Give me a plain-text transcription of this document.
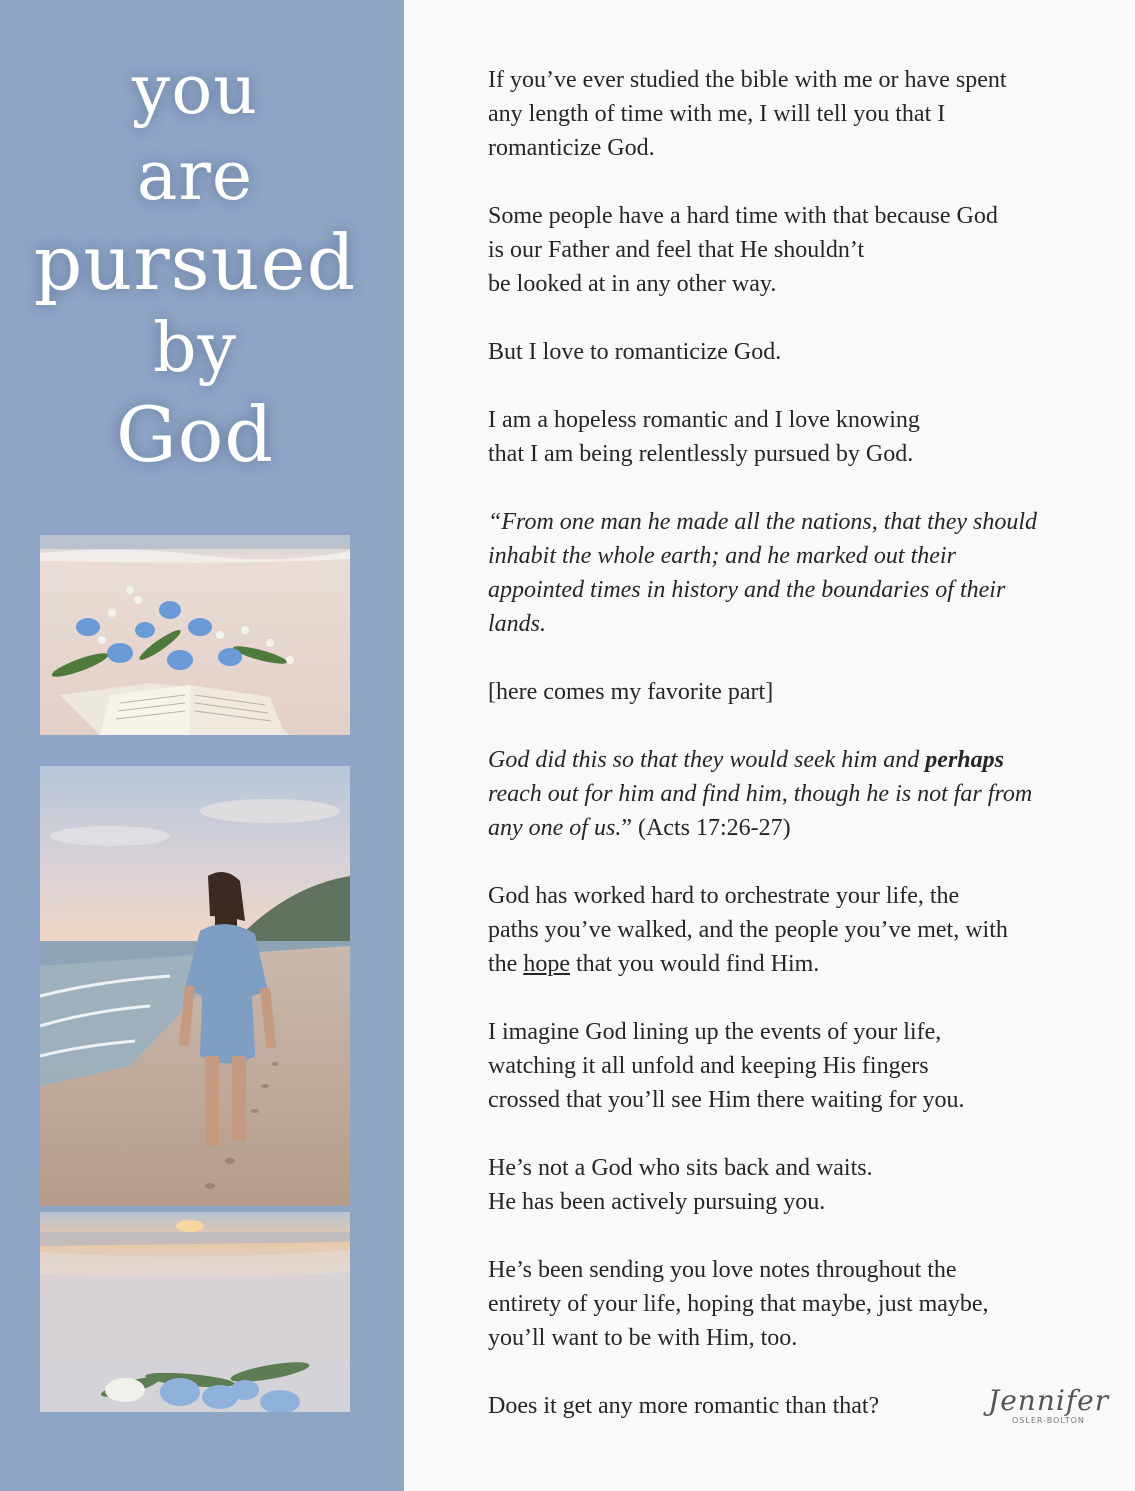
you
are
pursued
by
God

If you’ve ever studied the bible with me or have spent
any length of time with me, I will tell you that I
romanticize God.

Some people have a hard time with that because God
is our Father and feel that He shouldn’t
be looked at in any other way.

But I love to romanticize God.

I am a hopeless romantic and I love knowing
that I am being relentlessly pursued by God.

“From one man he made all the nations, that they should
inhabit the whole earth; and he marked out their
appointed times in history and the boundaries of their
lands.

[here comes my favorite part]

God did this so that they would seek him and perhaps
reach out for him and find him, though he is not far from
any one of us.” (Acts 17:26-27)

God has worked hard to orchestrate your life, the
paths you’ve walked, and the people you’ve met, with
the hope that you would find Him.

I imagine God lining up the events of your life,
watching it all unfold and keeping His fingers
crossed that you’ll see Him there waiting for you.

He’s not a God who sits back and waits.
He has been actively pursuing you.

He’s been sending you love notes throughout the
entirety of your life, hoping that maybe, just maybe,
you’ll want to be with Him, too.

Does it get any more romantic than that?	Jennifer
OSLER-BOLTON
